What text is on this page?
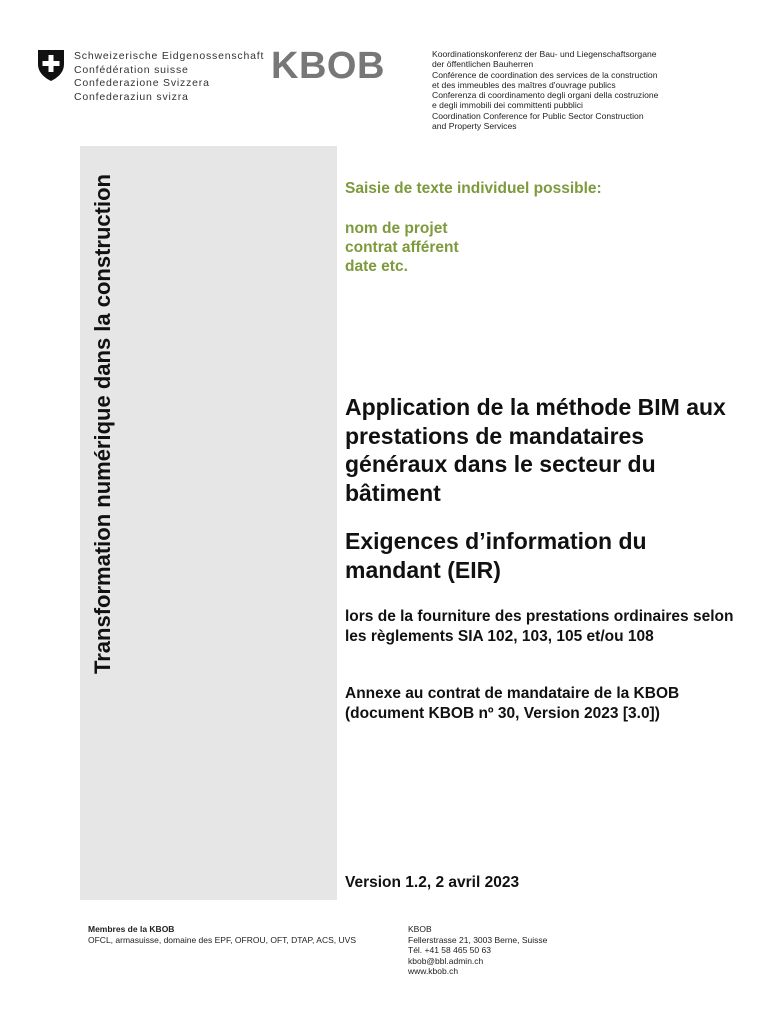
Schweizerische Eidgenossenschaft
Confédération suisse
Confederazione Svizzera
Confederaziun svizra
KBOB	Koordinationskonferenz der Bau- und Liegenschaftsorgane
der öffentlichen Bauherren
Conférence de coordination des services de la construction
et des immeubles des maîtres d'ouvrage publics
Conferenza di coordinamento degli organi della costruzione
e degli immobili dei committenti pubblici
Coordination Conference for Public Sector Construction
and Property Services
Transformation numérique dans la construction	Saisie de texte individuel possible:
nom de projet
contrat afférent
date etc.
Application de la méthode BIM aux prestations de mandataires généraux dans le secteur du bâtiment
Exigences d’information du mandant (EIR)
lors de la fourniture des prestations ordinaires selon les règlements SIA 102, 103, 105 et/ou 108
Annexe au contrat de mandataire de la KBOB (document KBOB nº 30, Version 2023 [3.0])
Version 1.2, 2 avril 2023
Membres de la KBOB
OFCL, armasuisse, domaine des EPF, OFROU, OFT, DTAP, ACS, UVS
KBOB
Fellerstrasse 21, 3003 Berne, Suisse
Tél. +41 58 465 50 63
kbob@bbl.admin.ch
www.kbob.ch
